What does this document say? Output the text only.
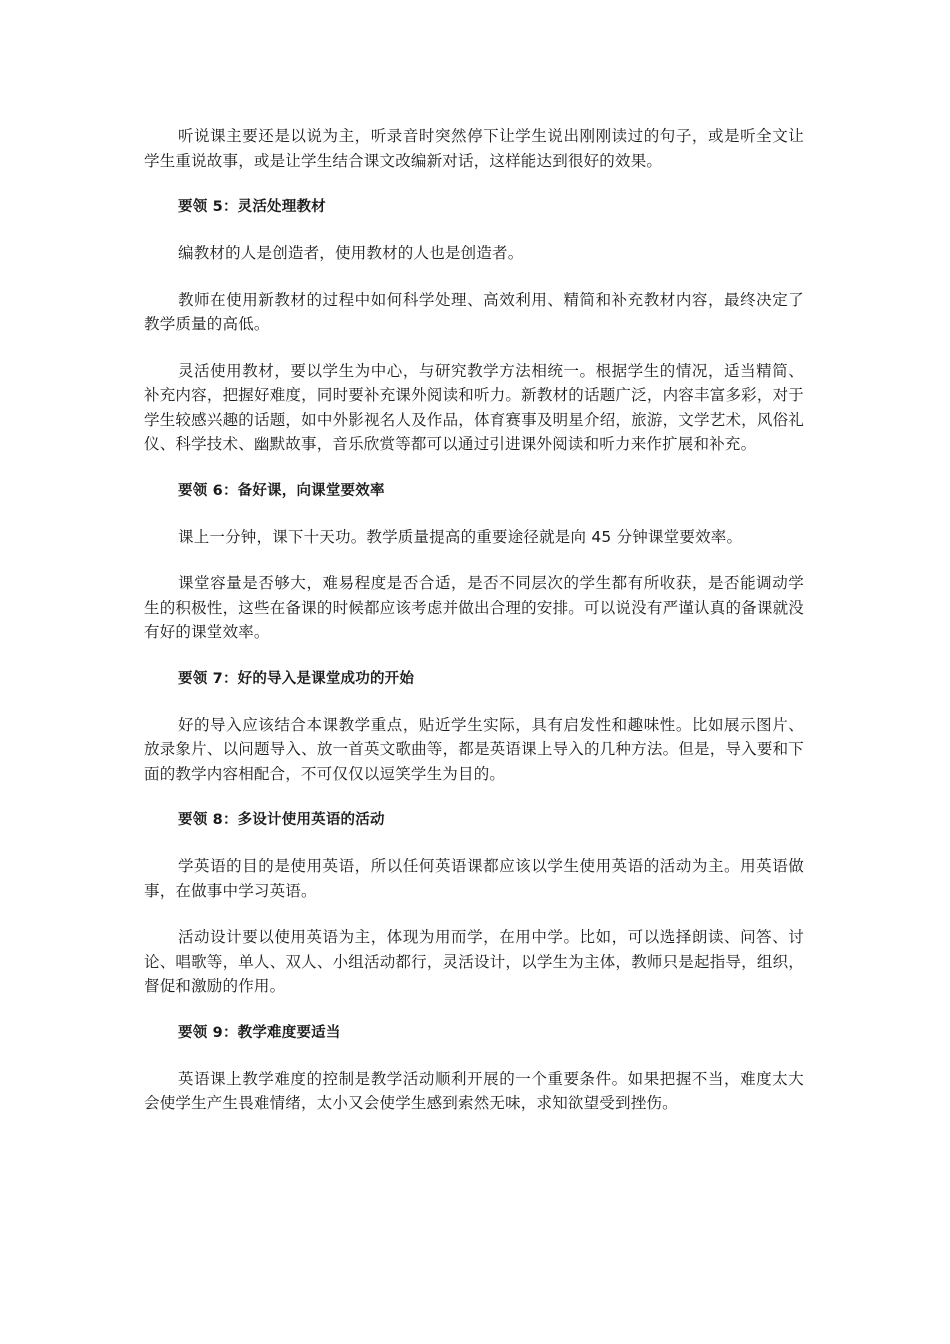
听说课主要还是以说为主，听录音时突然停下让学生说出刚刚读过的句子，或是听全文让学生重说故事，或是让学生结合课文改编新对话，这样能达到很好的效果。

要领 5：灵活处理教材

编教材的人是创造者，使用教材的人也是创造者。

教师在使用新教材的过程中如何科学处理、高效利用、精简和补充教材内容，最终决定了教学质量的高低。

灵活使用教材，要以学生为中心，与研究教学方法相统一。根据学生的情况，适当精简、补充内容，把握好难度，同时要补充课外阅读和听力。新教材的话题广泛，内容丰富多彩，对于学生较感兴趣的话题，如中外影视名人及作品，体育赛事及明星介绍，旅游，文学艺术，风俗礼仪、科学技术、幽默故事，音乐欣赏等都可以通过引进课外阅读和听力来作扩展和补充。

要领 6：备好课，向课堂要效率

课上一分钟，课下十天功。教学质量提高的重要途径就是向 45 分钟课堂要效率。

课堂容量是否够大，难易程度是否合适，是否不同层次的学生都有所收获，是否能调动学生的积极性，这些在备课的时候都应该考虑并做出合理的安排。可以说没有严谨认真的备课就没有好的课堂效率。

要领 7：好的导入是课堂成功的开始

好的导入应该结合本课教学重点，贴近学生实际，具有启发性和趣味性。比如展示图片、放录象片、以问题导入、放一首英文歌曲等，都是英语课上导入的几种方法。但是，导入要和下面的教学内容相配合，不可仅仅以逗笑学生为目的。

要领 8：多设计使用英语的活动

学英语的目的是使用英语，所以任何英语课都应该以学生使用英语的活动为主。用英语做事，在做事中学习英语。

活动设计要以使用英语为主，体现为用而学，在用中学。比如，可以选择朗读、问答、讨论、唱歌等，单人、双人、小组活动都行，灵活设计，以学生为主体，教师只是起指导，组织，督促和激励的作用。

要领 9：教学难度要适当

英语课上教学难度的控制是教学活动顺利开展的一个重要条件。如果把握不当，难度太大会使学生产生畏难情绪，太小又会使学生感到索然无味，求知欲望受到挫伤。
